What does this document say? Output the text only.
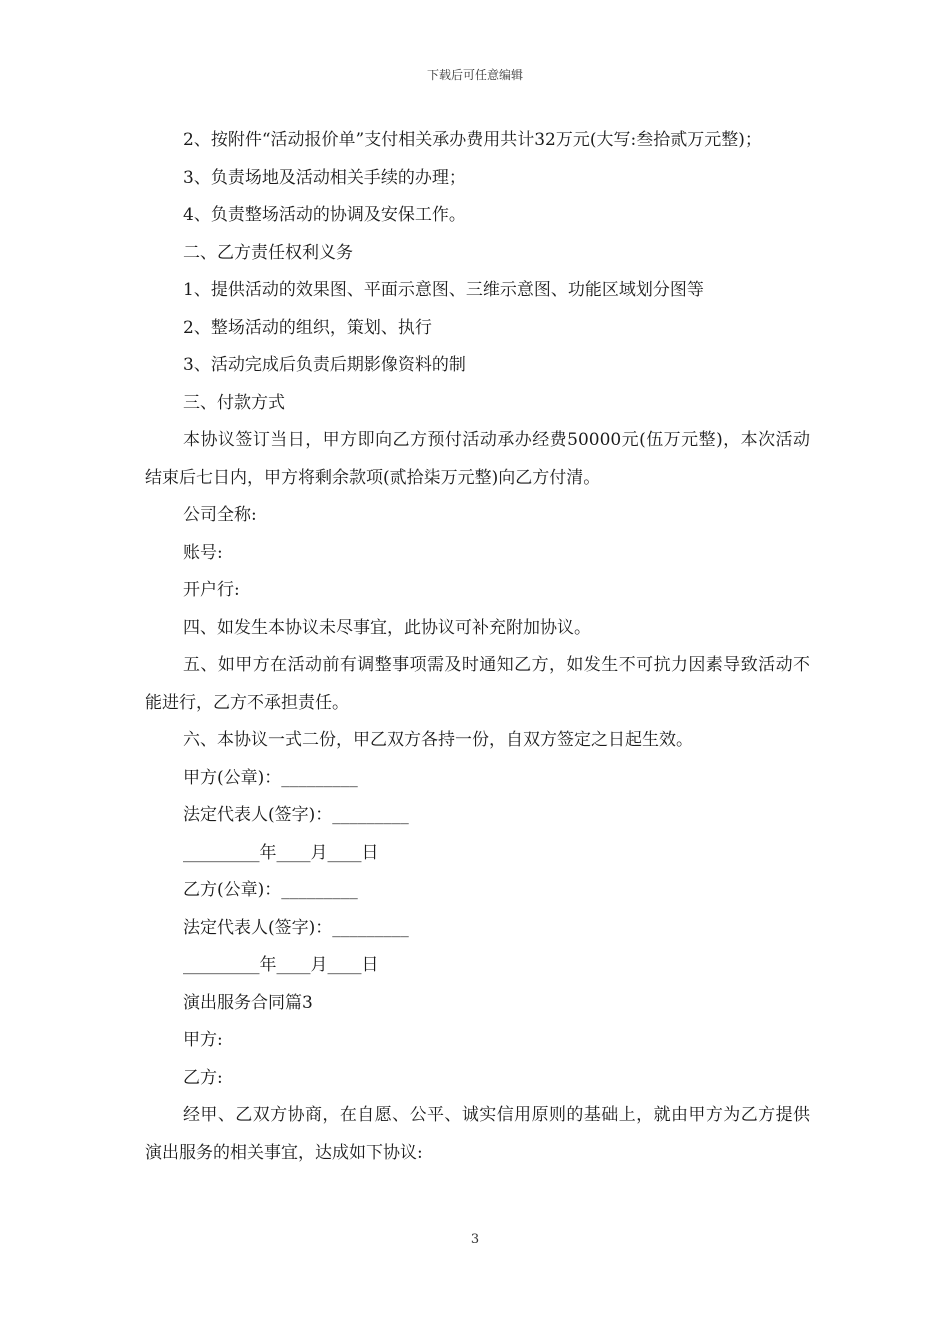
下载后可任意编辑

2、按附件“活动报价单”支付相关承办费用共计32万元(大写:叁拾贰万元整)；

3、负责场地及活动相关手续的办理；

4、负责整场活动的协调及安保工作。

二、乙方责任权利义务

1、提供活动的效果图、平面示意图、三维示意图、功能区域划分图等

2、整场活动的组织，策划、执行

3、活动完成后负责后期影像资料的制

三、付款方式

本协议签订当日，甲方即向乙方预付活动承办经费50000元(伍万元整)，本次活动结束后七日内，甲方将剩余款项(贰拾柒万元整)向乙方付清。

公司全称:

账号:

开户行:

四、如发生本协议未尽事宜，此协议可补充附加协议。

五、如甲方在活动前有调整事项需及时通知乙方，如发生不可抗力因素导致活动不能进行，乙方不承担责任。

六、本协议一式二份，甲乙双方各持一份，自双方签定之日起生效。

甲方(公章)：_________

法定代表人(签字)：_________

_________年____月____日

乙方(公章)：_________

法定代表人(签字)：_________

_________年____月____日

演出服务合同篇3

甲方:

乙方:

经甲、乙双方协商，在自愿、公平、诚实信用原则的基础上，就由甲方为乙方提供演出服务的相关事宜，达成如下协议:

3
